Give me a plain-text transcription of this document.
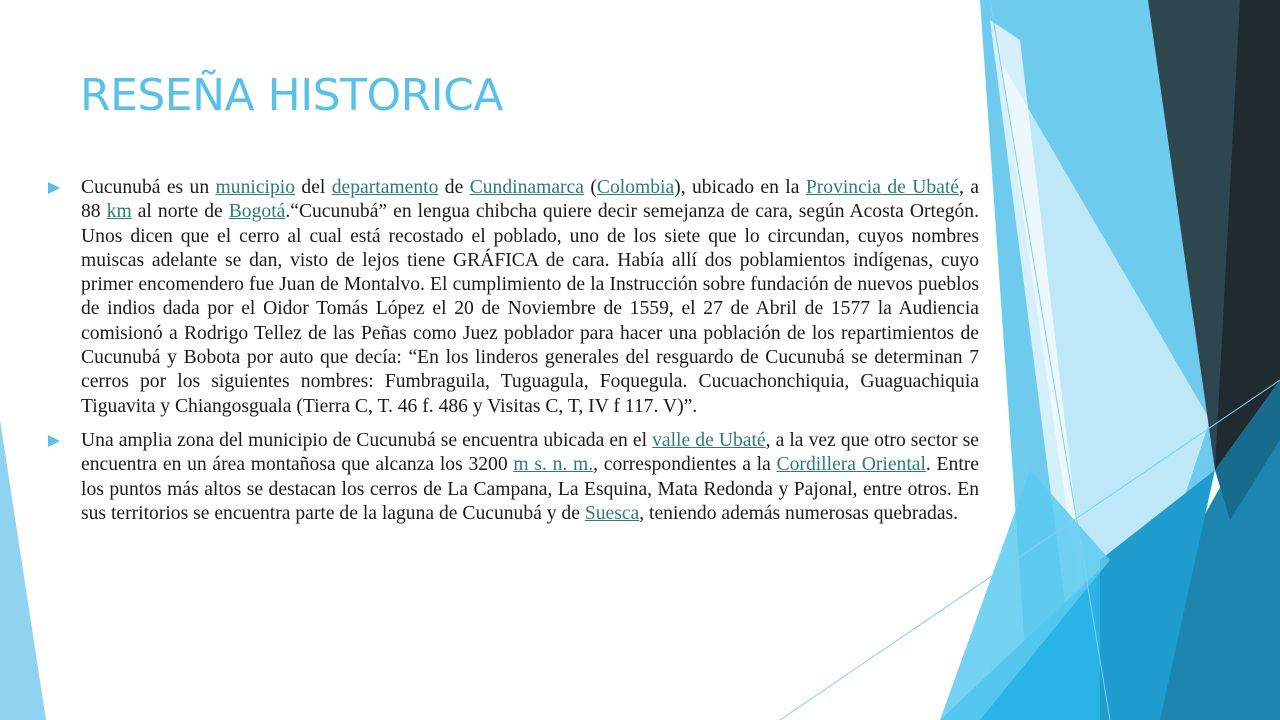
RESEÑA HISTORICA
Cucunubá es un municipio del departamento de Cundinamarca (Colombia), ubicado en la Provincia de Ubaté, a 88 km al norte de Bogotá.“Cucunubá” en lengua chibcha quiere decir semejanza de cara, según Acosta Ortegón. Unos dicen que el cerro al cual está recostado el poblado, uno de los siete que lo circundan, cuyos nombres muiscas adelante se dan, visto de lejos tiene GRÁFICA de cara. Había allí dos poblamientos indígenas, cuyo primer encomendero fue Juan de Montalvo. El cumplimiento de la Instrucción sobre fundación de nuevos pueblos de indios dada por el Oidor Tomás López el 20 de Noviembre de 1559, el 27 de Abril de 1577 la Audiencia comisionó a Rodrigo Tellez de las Peñas como Juez poblador para hacer una población de los repartimientos de Cucunubá y Bobota por auto que decía: “En los linderos generales del resguardo de Cucunubá se determinan 7 cerros por los siguientes nombres: Fumbraguila, Tuguagula, Foquegula. Cucuachonchiquia, Guaguachiquia Tiguavita y Chiangosguala (Tierra C, T. 46 f. 486 y Visitas C, T, IV f 117. V)”.
Una amplia zona del municipio de Cucunubá se encuentra ubicada en el valle de Ubaté, a la vez que otro sector se encuentra en un área montañosa que alcanza los 3200 m s. n. m., correspondientes a la Cordillera Oriental. Entre los puntos más altos se destacan los cerros de La Campana, La Esquina, Mata Redonda y Pajonal, entre otros. En sus territorios se encuentra parte de la laguna de Cucunubá y de Suesca, teniendo además numerosas quebradas.
